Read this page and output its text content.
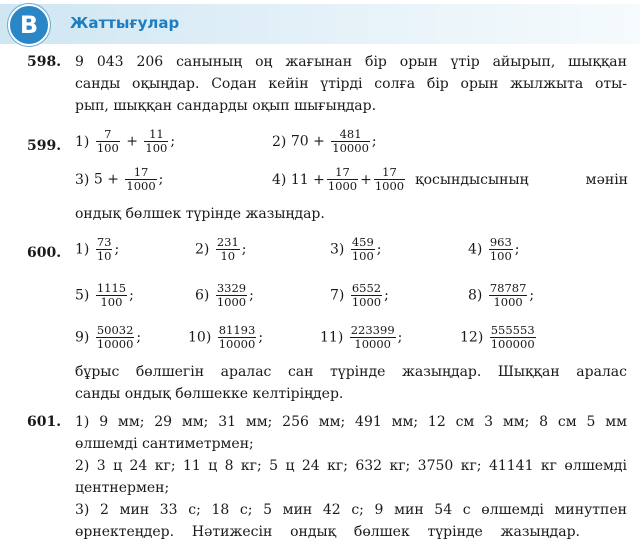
B	Жаттығулар
598. 9 043 206 санының оң жағынан бір орын үтір айырып, шыққан
санды оқыңдар. Содан кейін үтірді солға бір орын жылжыта оты-
рып, шыққан сандарды оқып шығыңдар.
599. $1) \frac{7}{100} + \frac{11}{100}$ ;	2) $70 + \frac{481}{10000}$ ;
3) $5 + \frac{17}{1000}$ ;	4)
11
+ $\frac{17}{1000} + \frac{17}{1000}$ қосындысының мәнін
ондық бөлшек түрінде жазыңдар.
600. $1) \frac{73}{10}$ ;	$2) \frac{231}{10}$ ;	$3) \frac{459}{100}$ ;	$4) \frac{963}{100}$ ;
$5) \frac{1115}{100}$ ;	$6) \frac{3329}{1000}$ ;	$7) \frac{6552}{1000}$ ;	$8) \frac{78787}{1000}$ ;
$9) \frac{50032}{10000}$ ;	$10) \frac{81193}{10000}$ ;	$11) \frac{223399}{10000}$ ;	$12) \frac{555553}{100000}$
бұрыс бөлшегін аралас сан түрінде жазыңдар. Шыққан аралас
санды ондық бөлшекке келтіріңдер.
601. 1) 9 мм; 29 мм; 31 мм; 256 мм; 491 мм; 12 см 3 мм; 8 см 5 мм
өлшемді сантиметрмен;
2) 3 ц 24 кг; 11 ц 8 кг; 5 ц 24 кг; 632 кг; 3750 кг; 41141 кг өлшемді
центнермен;
3) 2 мин 33 с; 18 с; 5 мин 42 с; 9 мин 54 с өлшемді минутпен
өрнектеңдер. Нәтижесін ондық бөлшек түрінде жазыңдар.
